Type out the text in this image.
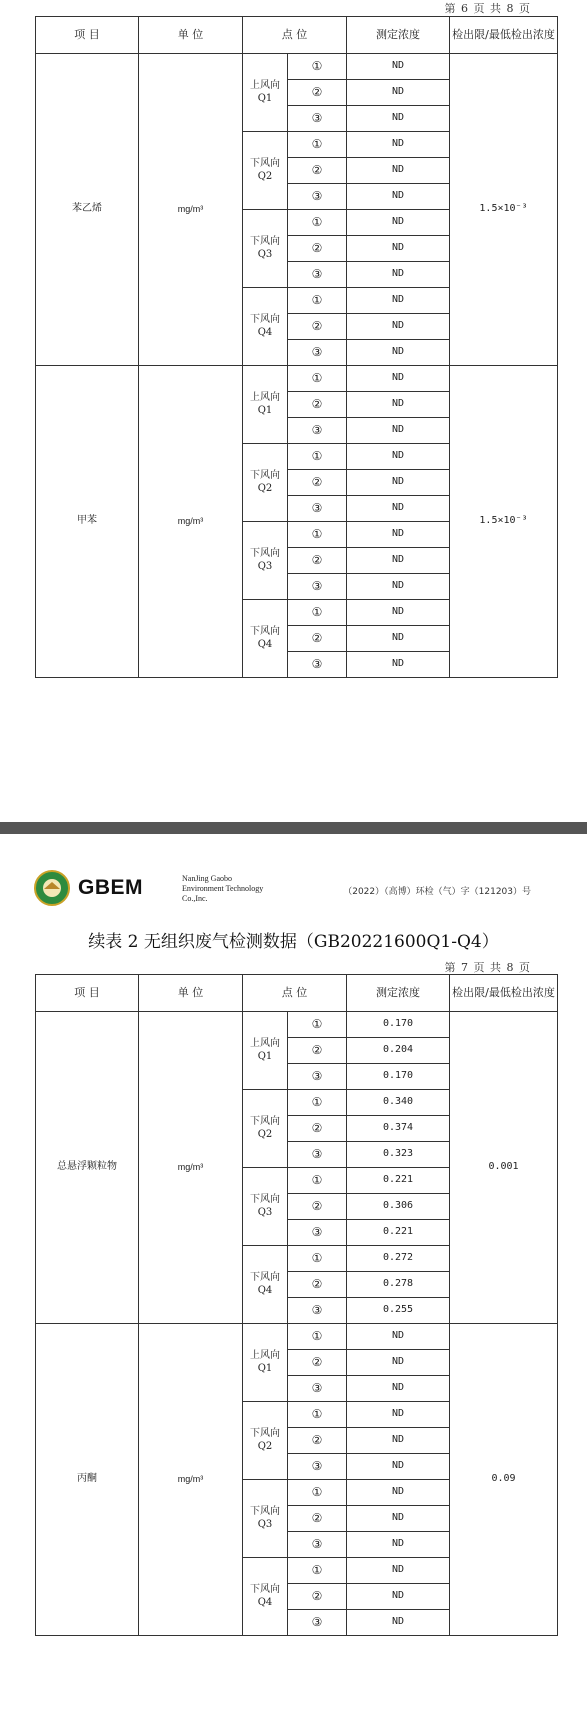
第 6 页 共 8 页
项 目	单 位	点 位		测定浓度	检出限/最低检出浓度
苯乙烯	mg/m³	上风向
Q1	①	ND	1.5×10⁻³
			②	ND	
			③	ND	

		下风向
Q2	①	ND	
			②	ND	
			③	ND	

		下风向
Q3	①	ND	
			②	ND	
			③	ND	

		下风向
Q4	①	ND	
			②	ND	
			③	ND	
甲苯	mg/m³	上风向
Q1	①	ND	1.5×10⁻³
			②	ND	
			③	ND	

		下风向
Q2	①	ND	
			②	ND	
			③	ND	

		下风向
Q3	①	ND	
			②	ND	
			③	ND	

		下风向
Q4	①	ND	
			②	ND	
			③	ND	
GBEM	NanJing Gaobo
Environment Technology
Co.,Inc.
（2022）（高博）环检（气）字（121203）号
续表 2 无组织废气检测数据（GB20221600Q1-Q4）
第 7 页 共 8 页
项 目	单 位	点 位		测定浓度	检出限/最低检出浓度
总悬浮颗粒物	mg/m³	上风向
Q1	①	0.170	0.001
			②	0.204	
			③	0.170	

		下风向
Q2	①	0.340	
			②	0.374	
			③	0.323	

		下风向
Q3	①	0.221	
			②	0.306	
			③	0.221	

		下风向
Q4	①	0.272	
			②	0.278	
			③	0.255	
丙酮	mg/m³	上风向
Q1	①	ND	0.09
			②	ND	
			③	ND	

		下风向
Q2	①	ND	
			②	ND	
			③	ND	

		下风向
Q3	①	ND	
			②	ND	
			③	ND	

		下风向
Q4	①	ND	
			②	ND	
			③	ND	
